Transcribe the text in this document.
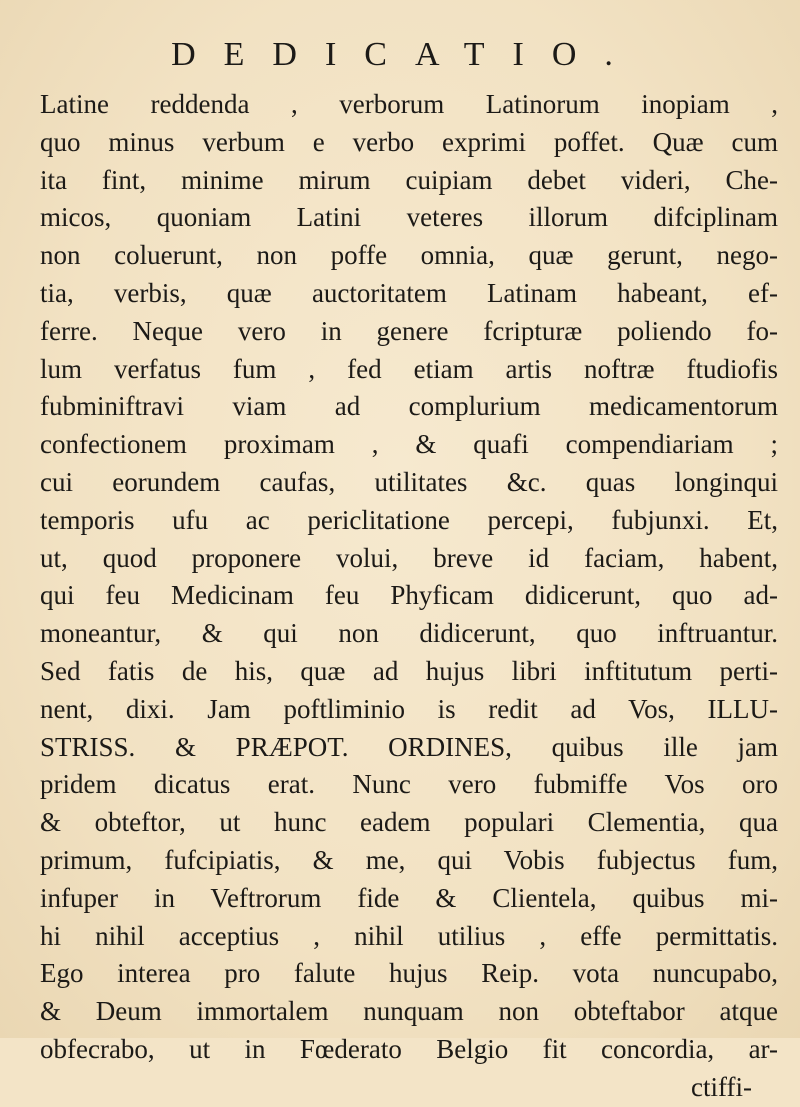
DEDICATIO.
Latine reddenda , verborum Latinorum inopiam ,
quo minus verbum e verbo exprimi poffet. Quæ cum
ita fint, minime mirum cuipiam debet videri, Che-
micos, quoniam Latini veteres illorum difciplinam
non coluerunt, non poffe omnia, quæ gerunt, nego-
tia, verbis, quæ auctoritatem Latinam habeant, ef-
ferre. Neque vero in genere fcripturæ poliendo fo-
lum verfatus fum , fed etiam artis noftræ ftudiofis
fubminiftravi viam ad complurium medicamentorum
confectionem proximam , & quafi compendiariam ;
cui eorundem caufas, utilitates &c. quas longinqui
temporis ufu ac periclitatione percepi, fubjunxi. Et,
ut, quod proponere volui, breve id faciam, habent,
qui feu Medicinam feu Phyficam didicerunt, quo ad-
moneantur, & qui non didicerunt, quo inftruantur.
Sed fatis de his, quæ ad hujus libri inftitutum perti-
nent, dixi. Jam poftliminio is redit ad Vos, ILLU-
STRISS. & PRÆPOT. ORDINES, quibus ille jam
pridem dicatus erat. Nunc vero fubmiffe Vos oro
& obteftor, ut hunc eadem populari Clementia, qua
primum, fufcipiatis, & me, qui Vobis fubjectus fum,
infuper in Veftrorum fide & Clientela, quibus mi-
hi nihil acceptius , nihil utilius , effe permittatis.
Ego interea pro falute hujus Reip. vota nuncupabo,
& Deum immortalem nunquam non obteftabor atque
obfecrabo, ut in Fœderato Belgio fit concordia, ar-
ctiffi-
